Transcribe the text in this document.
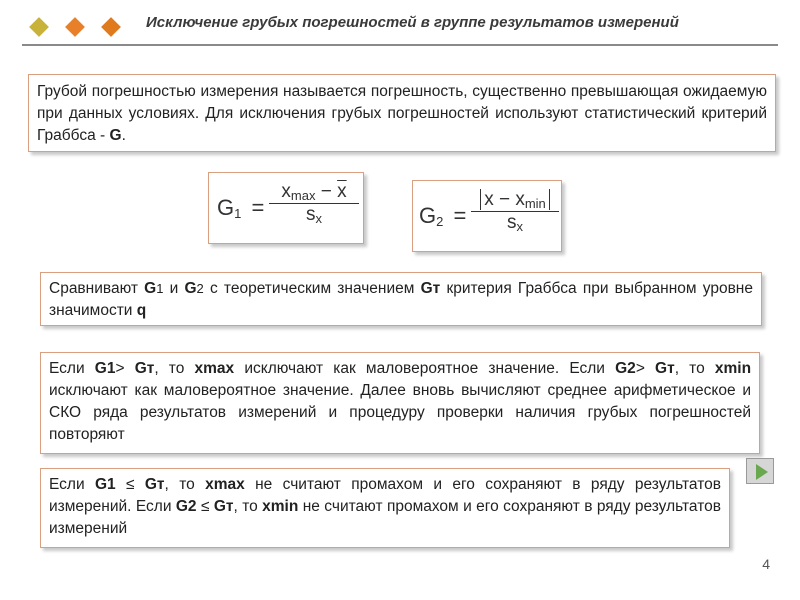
Исключение грубых погрешностей в группе результатов измерений
Грубой погрешностью измерения называется погрешность, существенно превышающая ожидаемую при данных условиях. Для исключения грубых погрешностей используют статистический критерий Граббса - G.
$G_1$ =
$x_{max} - \overline{x}$
$s_x$	$G_2$ =
$x - x_{min}$
$s_x$
Сравнивают G1 и G2 с теоретическим значением Gт критерия Граббса при выбранном уровне значимости q
Если G1> Gт, то xmax исключают как маловероятное значение. Если G2> Gт, то xmin исключают как маловероятное значение. Далее вновь вычисляют среднее арифметическое и СКО ряда результатов измерений и процедуру проверки наличия грубых погрешностей повторяют
Если G1 ≤ Gт, то xmax не считают промахом и его сохраняют в ряду результатов измерений. Если G2 ≤ Gт, то xmin не считают промахом и его сохраняют в ряду результатов измерений
4
